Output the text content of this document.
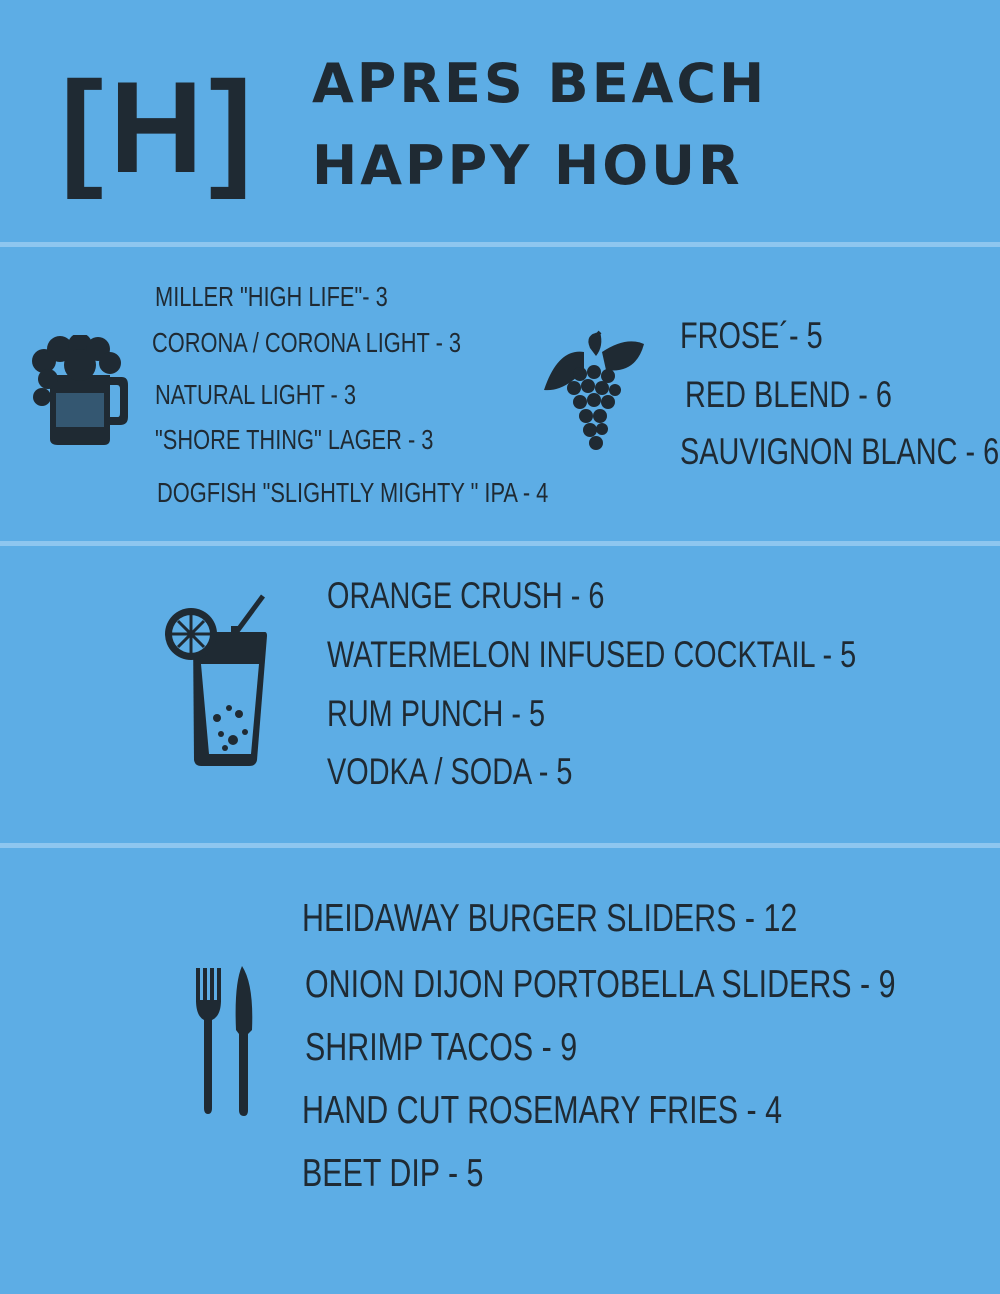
[H] APRES BEACH
HAPPY HOUR
MILLER "HIGH LIFE"- 3
CORONA / CORONA LIGHT - 3
NATURAL LIGHT - 3
"SHORE THING" LAGER - 3
DOGFISH "SLIGHTLY MIGHTY " IPA - 4
FROSE´- 5
RED BLEND - 6
SAUVIGNON BLANC - 6
ORANGE CRUSH - 6
WATERMELON INFUSED COCKTAIL - 5
RUM PUNCH - 5
VODKA / SODA - 5
HEIDAWAY BURGER SLIDERS - 12
ONION DIJON PORTOBELLA SLIDERS - 9
SHRIMP TACOS - 9
HAND CUT ROSEMARY FRIES - 4
BEET DIP - 5
